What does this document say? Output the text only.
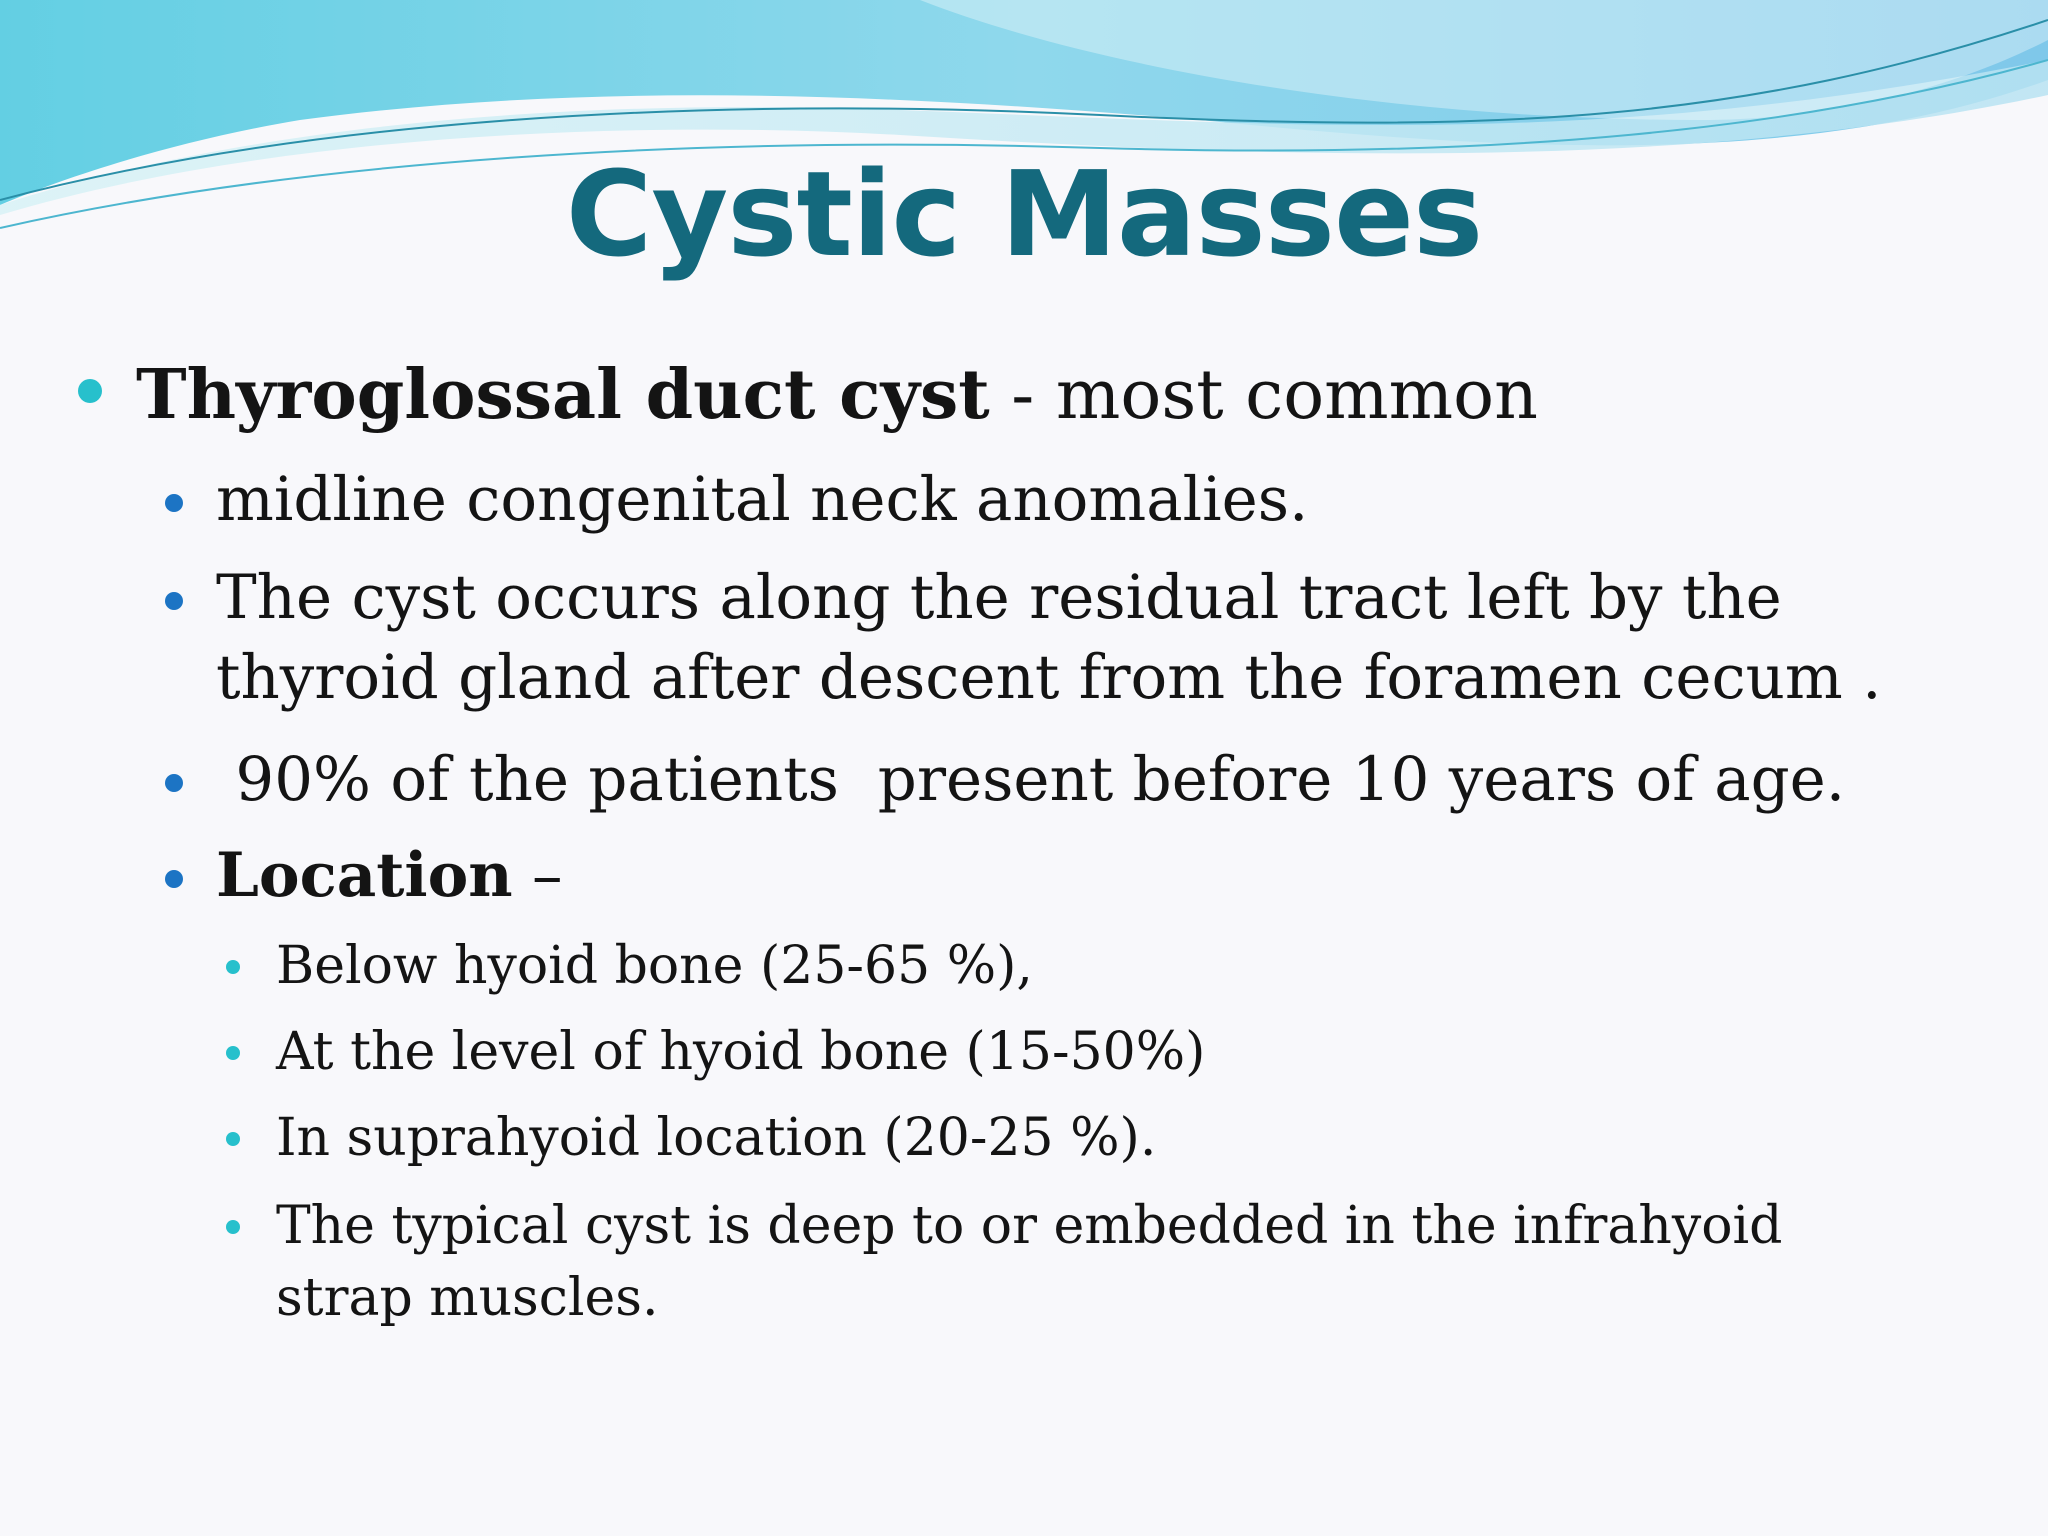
Cystic Masses
Thyroglossal duct cyst - most common
midline congenital neck anomalies.
The cyst occurs along the residual tract left by the thyroid gland after descent from the foramen cecum .
90% of the patients  present before 10 years of age.
Location –
Below hyoid bone (25-65 %),
At the level of hyoid bone (15-50%)
In suprahyoid location (20-25 %).
The typical cyst is deep to or embedded in the infrahyoid strap muscles.
